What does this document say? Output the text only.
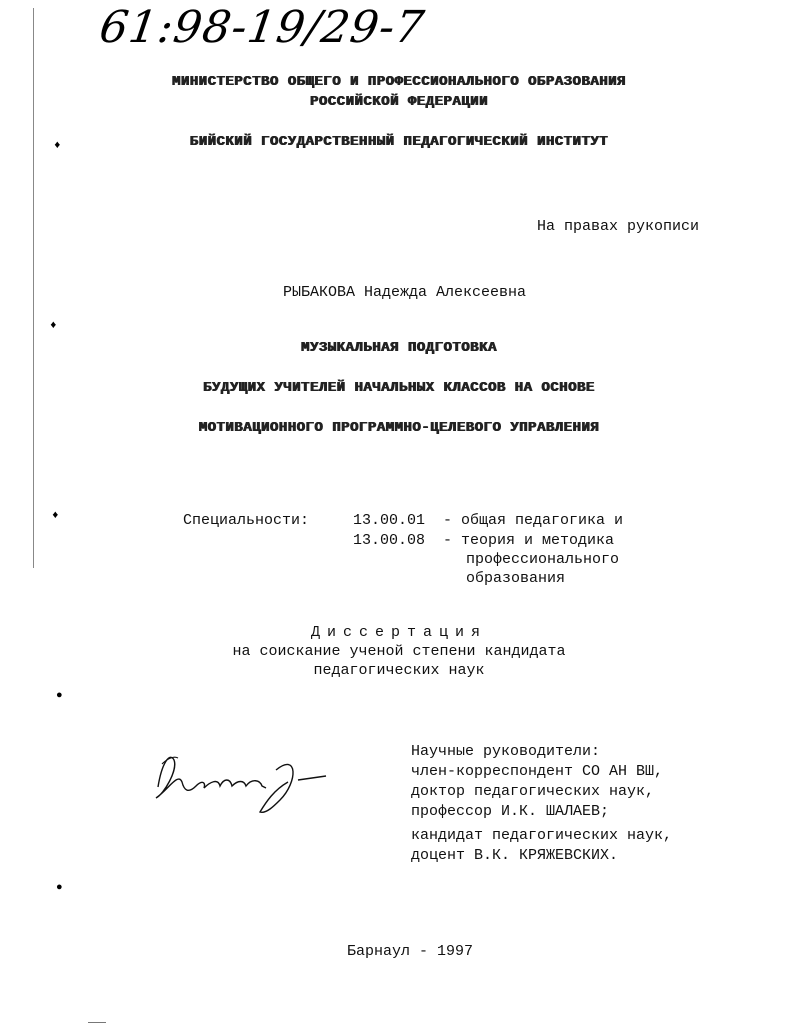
♦
♦
♦
●
●
61:98-19/29-7
МИНИСТЕРСТВО ОБЩЕГО И ПРОФЕССИОНАЛЬНОГО ОБРАЗОВАНИЯ
РОССИЙСКОЙ ФЕДЕРАЦИИ
БИЙСКИЙ ГОСУДАРСТВЕННЫЙ ПЕДАГОГИЧЕСКИЙ ИНСТИТУТ
На правах рукописи
РЫБАКОВА Надежда Алексеевна
МУЗЫКАЛЬНАЯ ПОДГОТОВКА
БУДУЩИХ УЧИТЕЛЕЙ НАЧАЛЬНЫХ КЛАССОВ НА ОСНОВЕ
МОТИВАЦИОННОГО ПРОГРАММНО-ЦЕЛЕВОГО УПРАВЛЕНИЯ
Специальности:	13.00.01 - общая педагогика и
13.00.08 - теория и методика
профессионального
образования
Диссертация
на соискание ученой степени кандидата
педагогических наук
Научные руководители:
член-корреспондент СО АН ВШ,
доктор педагогических наук,
профессор И.К. ШАЛАЕВ;
кандидат педагогических наук,
доцент В.К. КРЯЖЕВСКИХ.
Барнаул - 1997
